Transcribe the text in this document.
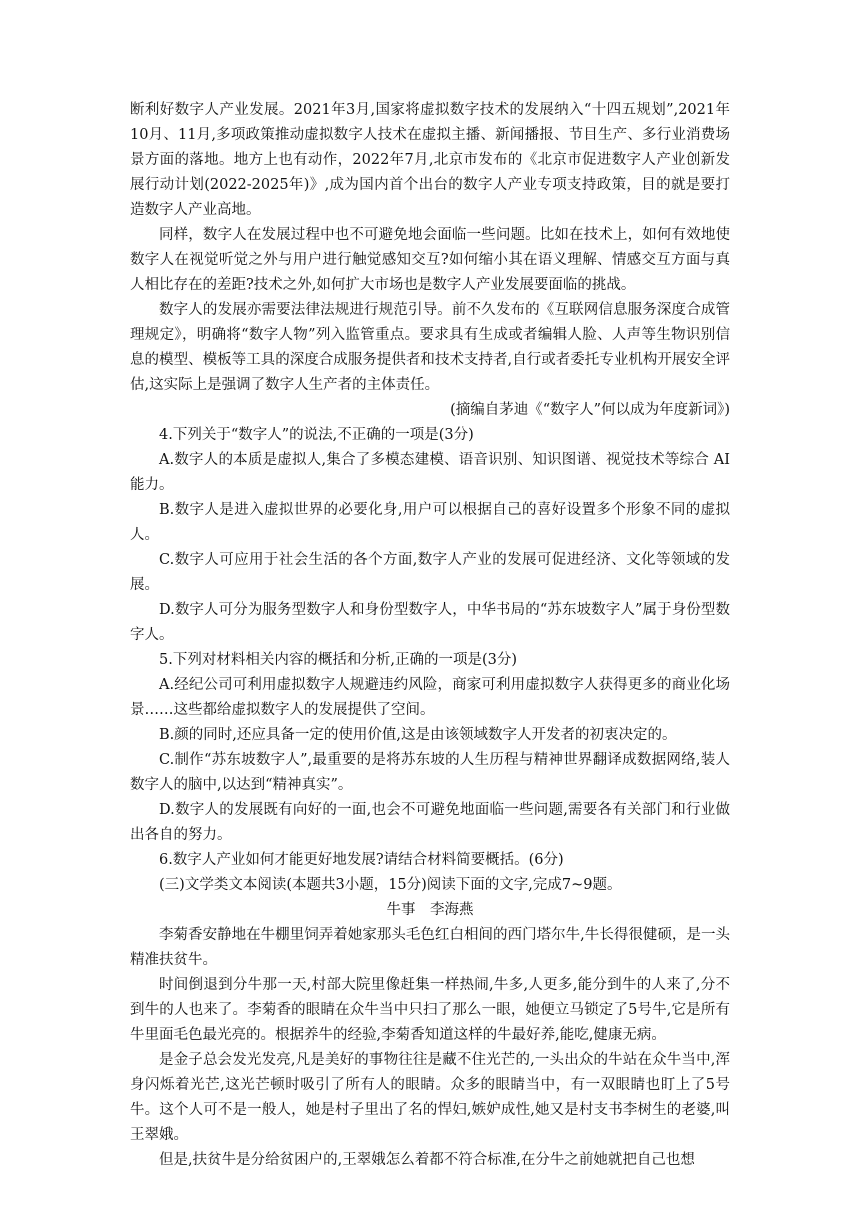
断利好数字人产业发展。2021年3月,国家将虚拟数字技术的发展纳入“十四五规划”,2021年10月、11月,多项政策推动虚拟数字人技术在虚拟主播、新闻播报、节目生产、多行业消费场景方面的落地。地方上也有动作，2022年7月,北京市发布的《北京市促进数字人产业创新发展行动计划(2022-2025年)》,成为国内首个出台的数字人产业专项支持政策，目的就是要打造数字人产业高地。

同样，数字人在发展过程中也不可避免地会面临一些问题。比如在技术上，如何有效地使数字人在视觉听觉之外与用户进行触觉感知交互?如何缩小其在语义理解、情感交互方面与真人相比存在的差距?技术之外,如何扩大市场也是数字人产业发展要面临的挑战。

数字人的发展亦需要法律法规进行规范引导。前不久发布的《互联网信息服务深度合成管理规定》，明确将“数字人物”列入监管重点。要求具有生成或者编辑人脸、人声等生物识别信息的模型、模板等工具的深度合成服务提供者和技术支持者,自行或者委托专业机构开展安全评估,这实际上是强调了数字人生产者的主体责任。

(摘编自茅迪《“数字人”何以成为年度新词》)

4.下列关于“数字人”的说法,不正确的一项是(3分)

A.数字人的本质是虚拟人,集合了多模态建模、语音识别、知识图谱、视觉技术等综合 AI能力。

B.数字人是进入虚拟世界的必要化身,用户可以根据自己的喜好设置多个形象不同的虚拟人。

C.数字人可应用于社会生活的各个方面,数字人产业的发展可促进经济、文化等领域的发展。

D.数字人可分为服务型数字人和身份型数字人，中华书局的“苏东坡数字人”属于身份型数字人。

5.下列对材料相关内容的概括和分析,正确的一项是(3分)

A.经纪公司可利用虚拟数字人规避违约风险，商家可利用虚拟数字人获得更多的商业化场景……这些都给虚拟数字人的发展提供了空间。

B.颜的同时,还应具备一定的使用价值,这是由该领域数字人开发者的初衷决定的。

C.制作“苏东坡数字人”,最重要的是将苏东坡的人生历程与精神世界翻译成数据网络,装人数字人的脑中,以达到“精神真实”。

D.数字人的发展既有向好的一面,也会不可避免地面临一些问题,需要各有关部门和行业做出各自的努力。

6.数字人产业如何才能更好地发展?请结合材料简要概括。(6分)

(三)文学类文本阅读(本题共3小题，15分)阅读下面的文字,完成7~9题。

牛事　李海燕

李菊香安静地在牛棚里饲弄着她家那头毛色红白相间的西门塔尔牛,牛长得很健硕，是一头精准扶贫牛。

时间倒退到分牛那一天,村部大院里像赶集一样热闹,牛多,人更多,能分到牛的人来了,分不到牛的人也来了。李菊香的眼睛在众牛当中只扫了那么一眼，她便立马锁定了5号牛,它是所有牛里面毛色最光亮的。根据养牛的经验,李菊香知道这样的牛最好养,能吃,健康无病。

是金子总会发光发亮,凡是美好的事物往往是藏不住光芒的,一头出众的牛站在众牛当中,浑身闪烁着光芒,这光芒顿时吸引了所有人的眼睛。众多的眼睛当中，有一双眼睛也盯上了5号牛。这个人可不是一般人，她是村子里出了名的悍妇,嫉妒成性,她又是村支书李树生的老婆,叫王翠娥。

但是,扶贫牛是分给贫困户的,王翠娥怎么着都不符合标准,在分牛之前她就把自己也想
